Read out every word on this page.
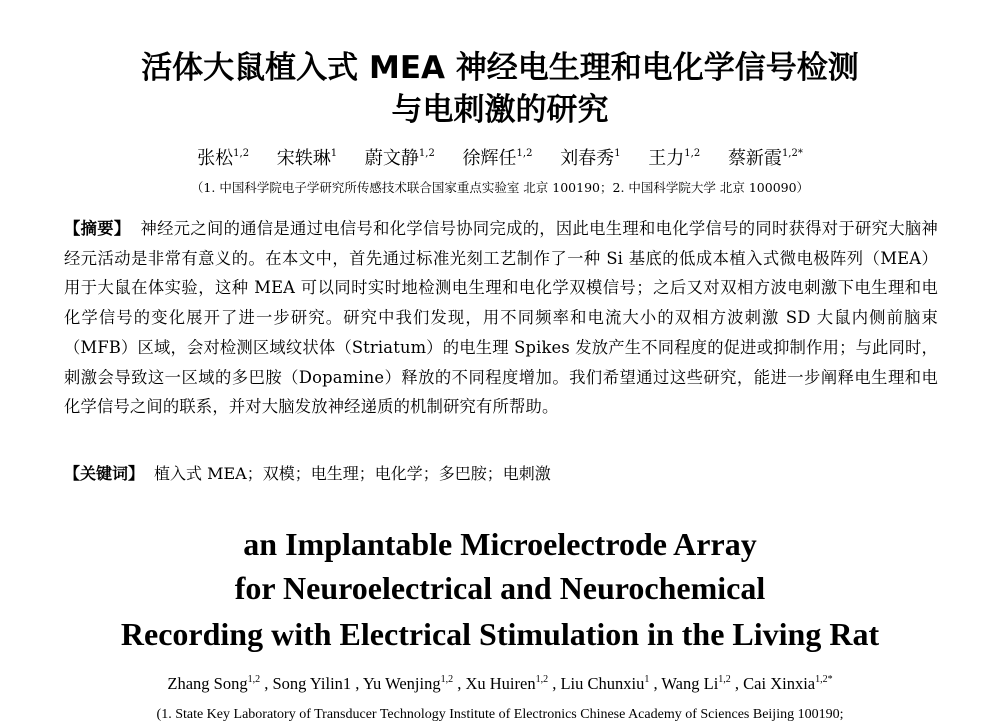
活体大鼠植入式 MEA 神经电生理和电化学信号检测
与电刺激的研究
张松$^{1,2}$ 宋轶琳$^1$ 蔚文静$^{1,2}$ 徐辉任$^{1,2}$ 刘春秀$^1$ 王力$^{1,2}$ 蔡新霞$^{1,2*}$
（1. 中国科学院电子学研究所传感技术联合国家重点实验室 北京 100190；2. 中国科学院大学 北京 100090）
【摘要】 神经元之间的通信是通过电信号和化学信号协同完成的，因此电生理和电化学信号的同时获得对于研究大脑神经元活动是非常有意义的。在本文中，首先通过标准光刻工艺制作了一种 Si 基底的低成本植入式微电极阵列（MEA）用于大鼠在体实验，这种 MEA 可以同时实时地检测电生理和电化学双模信号；之后又对双相方波电刺激下电生理和电化学信号的变化展开了进一步研究。研究中我们发现，用不同频率和电流大小的双相方波刺激 SD 大鼠内侧前脑束（MFB）区域，会对检测区域纹状体（Striatum）的电生理 Spikes 发放产生不同程度的促进或抑制作用；与此同时，刺激会导致这一区域的多巴胺（Dopamine）释放的不同程度增加。我们希望通过这些研究，能进一步阐释电生理和电化学信号之间的联系，并对大脑发放神经递质的机制研究有所帮助。
【关键词】 植入式 MEA；双模；电生理；电化学；多巴胺；电刺激
an Implantable Microelectrode Array
for Neuroelectrical and Neurochemical
Recording with Electrical Stimulation in the Living Rat
Zhang Song$^{1,2}$ , Song Yilin1 , Yu Wenjing$^{1,2}$ , Xu Huiren$^{1,2}$ , Liu Chunxiu$^1$ , Wang Li$^{1,2}$ , Cai Xinxia$^{1,2*}$
(1. State Key Laboratory of Transducer Technology Institute of Electronics Chinese Academy of Sciences Beijing 100190;
